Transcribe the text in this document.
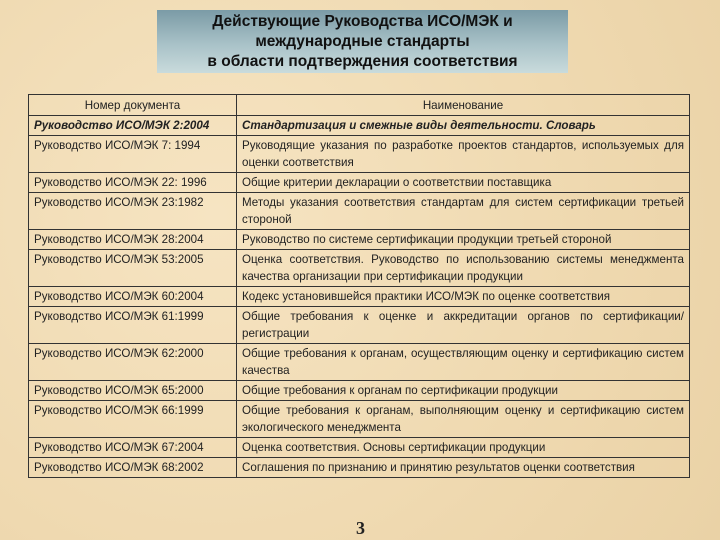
Действующие Руководства ИСО/МЭК и
международные стандарты
в области подтверждения соответствия
Номер документа	Наименование
Руководство ИСО/МЭК 2:2004	Стандартизация и смежные виды деятельности. Словарь
Руководство ИСО/МЭК 7: 1994	Руководящие указания по разработке проектов стандартов, используемых для оценки соответствия
Руководство ИСО/МЭК 22: 1996	Общие критерии декларации о соответствии поставщика
Руководство ИСО/МЭК 23:1982	Методы указания соответствия стандартам для систем сертификации третьей стороной
Руководство ИСО/МЭК 28:2004	Руководство по системе сертификации продукции третьей стороной
Руководство ИСО/МЭК 53:2005	Оценка соответствия. Руководство по использованию системы менеджмента качества организации при сертификации продукции
Руководство ИСО/МЭК 60:2004	Кодекс установившейся практики ИСО/МЭК по оценке соответствия
Руководство ИСО/МЭК 61:1999	Общие требования к оценке и аккредитации органов по сертификации/регистрации
Руководство ИСО/МЭК 62:2000	Общие требования к органам, осуществляющим оценку и сертификацию систем качества
Руководство ИСО/МЭК 65:2000	Общие требования к органам по сертификации продукции
Руководство ИСО/МЭК 66:1999	Общие требования к органам, выполняющим оценку и сертификацию систем экологического менеджмента
Руководство ИСО/МЭК 67:2004	Оценка соответствия. Основы сертификации продукции
Руководство ИСО/МЭК 68:2002	Соглашения по признанию и принятию результатов оценки соответствия
3
